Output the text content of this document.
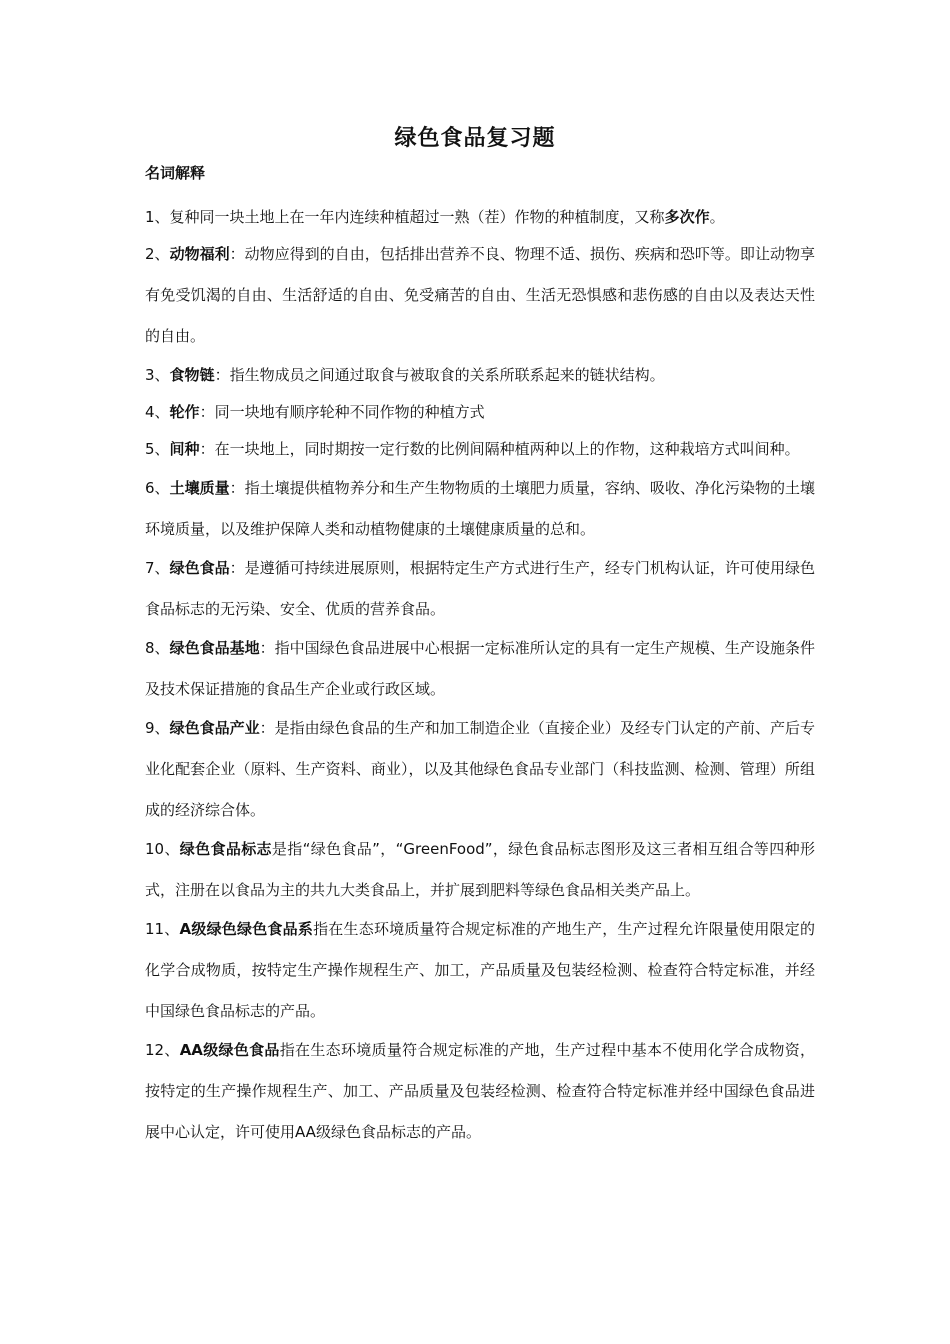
绿色食品复习题
名词解释

1、复种同一块土地上在一年内连续种植超过一熟（茬）作物的种植制度，又称多次作。

2、动物福利：动物应得到的自由，包括排出营养不良、物理不适、损伤、疾病和恐吓等。即让动物享有免受饥渴的自由、生活舒适的自由、免受痛苦的自由、生活无恐惧感和悲伤感的自由以及表达天性的自由。

3、食物链：指生物成员之间通过取食与被取食的关系所联系起来的链状结构。

4、轮作：同一块地有顺序轮种不同作物的种植方式

5、间种：在一块地上，同时期按一定行数的比例间隔种植两种以上的作物，这种栽培方式叫间种。

6、土壤质量：指土壤提供植物养分和生产生物物质的土壤肥力质量，容纳、吸收、净化污染物的土壤环境质量，以及维护保障人类和动植物健康的土壤健康质量的总和。

7、绿色食品：是遵循可持续进展原则，根据特定生产方式进行生产，经专门机构认证，许可使用绿色食品标志的无污染、安全、优质的营养食品。

8、绿色食品基地：指中国绿色食品进展中心根据一定标准所认定的具有一定生产规模、生产设施条件及技术保证措施的食品生产企业或行政区域。

9、绿色食品产业：是指由绿色食品的生产和加工制造企业（直接企业）及经专门认定的产前、产后专业化配套企业（原料、生产资料、商业），以及其他绿色食品专业部门（科技监测、检测、管理）所组成的经济综合体。

10、绿色食品标志是指“绿色食品”，“GreenFood”，绿色食品标志图形及这三者相互组合等四种形式，注册在以食品为主的共九大类食品上，并扩展到肥料等绿色食品相关类产品上。

11、A级绿色绿色食品系指在生态环境质量符合规定标准的产地生产，生产过程允许限量使用限定的化学合成物质，按特定生产操作规程生产、加工，产品质量及包装经检测、检查符合特定标准，并经中国绿色食品标志的产品。

12、AA级绿色食品指在生态环境质量符合规定标准的产地，生产过程中基本不使用化学合成物资，按特定的生产操作规程生产、加工、产品质量及包装经检测、检查符合特定标准并经中国绿色食品进展中心认定，许可使用AA级绿色食品标志的产品。
